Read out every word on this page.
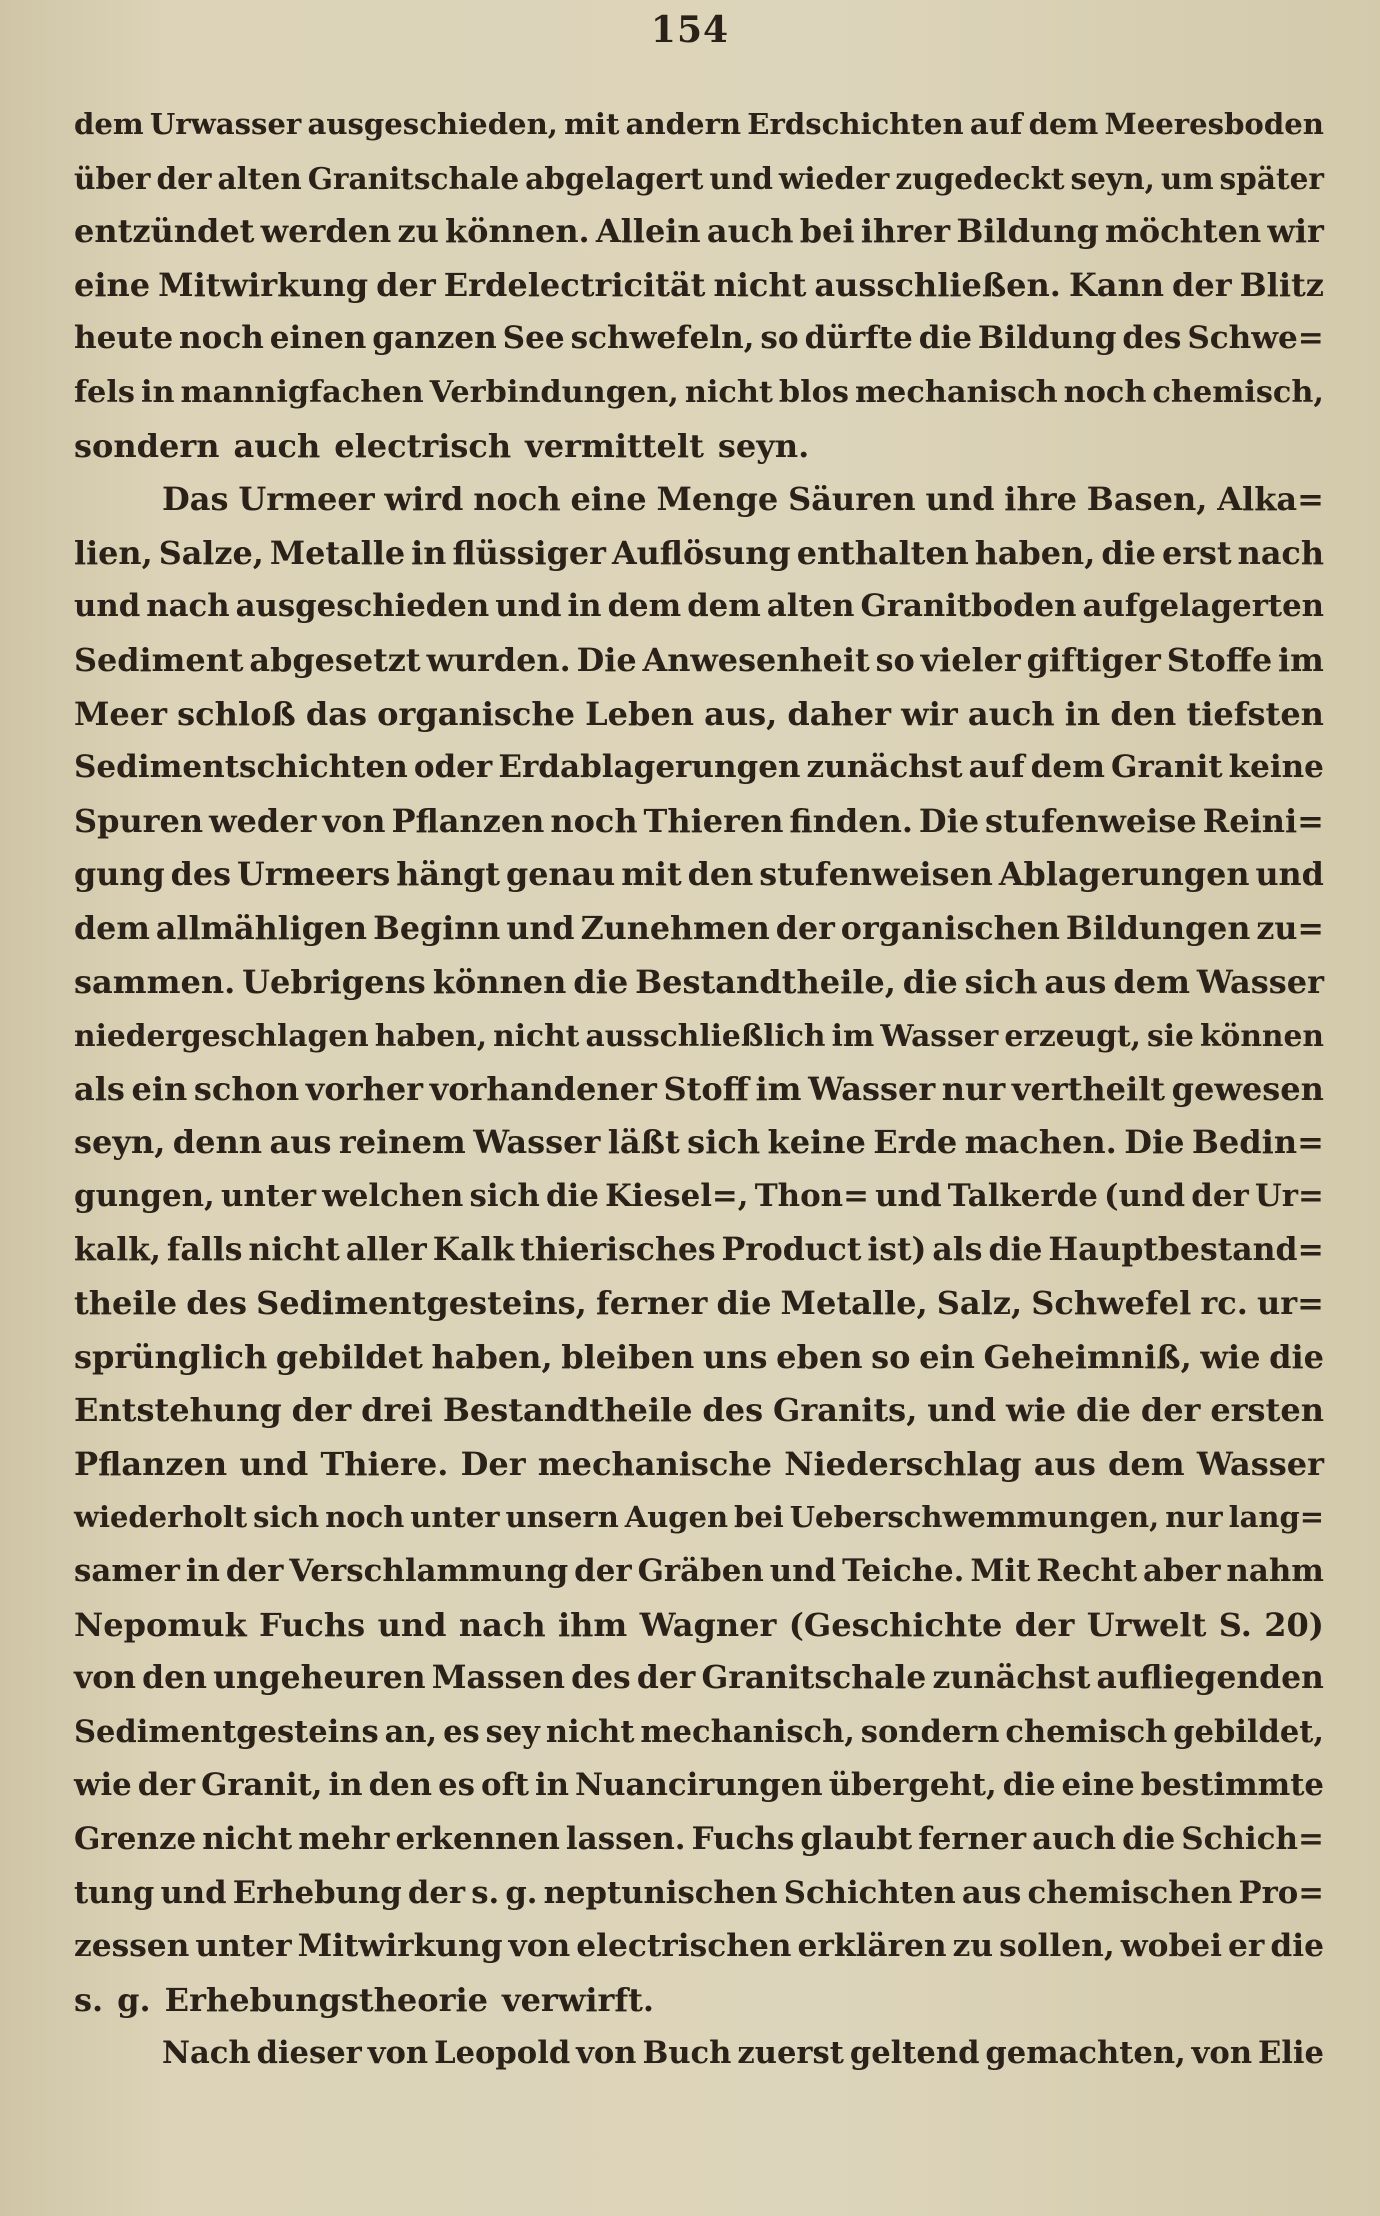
154
dem Urwasser ausgeschieden, mit andern Erdschichten auf dem Meeresboden
über der alten Granitschale abgelagert und wieder zugedeckt seyn, um später
entzündet werden zu können. Allein auch bei ihrer Bildung möchten wir
eine Mitwirkung der Erdelectricität nicht ausschließen. Kann der Blitz
heute noch einen ganzen See schwefeln, so dürfte die Bildung des Schwe=
fels in mannigfachen Verbindungen, nicht blos mechanisch noch chemisch,
sondern auch electrisch vermittelt seyn.
Das Urmeer wird noch eine Menge Säuren und ihre Basen, Alka=
lien, Salze, Metalle in flüssiger Auflösung enthalten haben, die erst nach
und nach ausgeschieden und in dem dem alten Granitboden aufgelagerten
Sediment abgesetzt wurden. Die Anwesenheit so vieler giftiger Stoffe im
Meer schloß das organische Leben aus, daher wir auch in den tiefsten
Sedimentschichten oder Erdablagerungen zunächst auf dem Granit keine
Spuren weder von Pflanzen noch Thieren finden. Die stufenweise Reini=
gung des Urmeers hängt genau mit den stufenweisen Ablagerungen und
dem allmähligen Beginn und Zunehmen der organischen Bildungen zu=
sammen. Uebrigens können die Bestandtheile, die sich aus dem Wasser
niedergeschlagen haben, nicht ausschließlich im Wasser erzeugt, sie können
als ein schon vorher vorhandener Stoff im Wasser nur vertheilt gewesen
seyn, denn aus reinem Wasser läßt sich keine Erde machen. Die Bedin=
gungen, unter welchen sich die Kiesel=, Thon= und Talkerde (und der Ur=
kalk, falls nicht aller Kalk thierisches Product ist) als die Hauptbestand=
theile des Sedimentgesteins, ferner die Metalle, Salz, Schwefel rc. ur=
sprünglich gebildet haben, bleiben uns eben so ein Geheimniß, wie die
Entstehung der drei Bestandtheile des Granits, und wie die der ersten
Pflanzen und Thiere. Der mechanische Niederschlag aus dem Wasser
wiederholt sich noch unter unsern Augen bei Ueberschwemmungen, nur lang=
samer in der Verschlammung der Gräben und Teiche. Mit Recht aber nahm
Nepomuk Fuchs und nach ihm Wagner (Geschichte der Urwelt S. 20)
von den ungeheuren Massen des der Granitschale zunächst aufliegenden
Sedimentgesteins an, es sey nicht mechanisch, sondern chemisch gebildet,
wie der Granit, in den es oft in Nuancirungen übergeht, die eine bestimmte
Grenze nicht mehr erkennen lassen. Fuchs glaubt ferner auch die Schich=
tung und Erhebung der s. g. neptunischen Schichten aus chemischen Pro=
zessen unter Mitwirkung von electrischen erklären zu sollen, wobei er die
s. g. Erhebungstheorie verwirft.
Nach dieser von Leopold von Buch zuerst geltend gemachten, von Elie
